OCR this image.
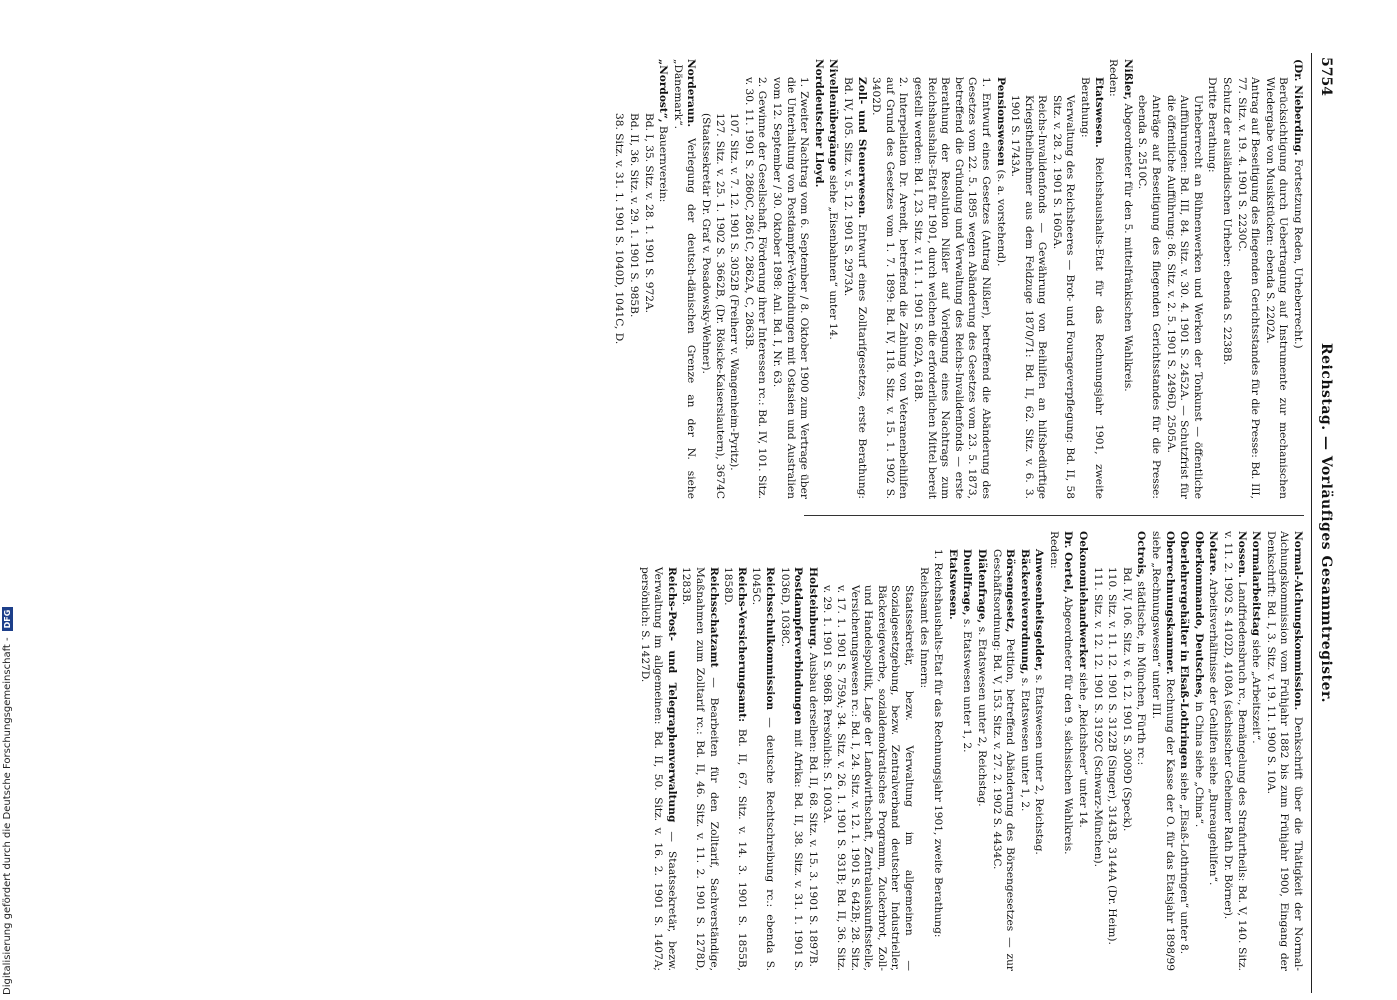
Digitalisierung gefördert durch die Deutsche Forschungsgemeinschaft -DFG
5754
Reichstag. — Vorläufiges Gesammtregister.

(Dr. Nieberding. Fortsetzung Reden, Urheberrecht.)

Berücksichtigung durch Uebertragung auf Instrumente zur mechanischen Wiedergabe von Musikstücken: ebenda S. 2202A.

Antrag auf Beseitigung des fliegenden Gerichtsstandes für die Presse: Bd. III, 77. Sitz. v. 19. 4. 1901 S. 2230C.

Schutz der ausländischen Urheber: ebenda S. 2238B.

Dritte Berathung:

Urheberrecht an Bühnenwerken und Werken der Tonkunst — öffentliche Aufführungen: Bd. III, 84. Sitz. v. 30. 4. 1901 S. 2452A. — Schutzfrist für die öffentliche Aufführung: 86. Sitz. v. 2. 5. 1901 S. 2496D, 2505A.

Anträge auf Beseitigung des fliegenden Gerichtsstandes für die Presse: ebenda S. 2510C.

Nißler, Abgeordneter für den 5. mittelfränkischen Wahlkreis.

Reden:

Etatswesen. Reichshaushalts-Etat für das Rechnungsjahr 1901, zweite Berathung:

Verwaltung des Reichsheeres — Brot- und Fourageverpflegung: Bd. II, 58 Sitz. v. 28. 2. 1901 S. 1605A.

Reichs-Invalidenfonds — Gewährung von Beihilfen an hilfsbedürftige Kriegstheilnehmer aus dem Feldzuge 1870/71: Bd. II, 62. Sitz. v. 6. 3. 1901 S. 1743A.

Pensionswesen (s. a. vorstehend).

1. Entwurf eines Gesetzes (Antrag Nißler), betreffend die Abänderung des Gesetzes vom 22. 5. 1895 wegen Abänderung des Gesetzes vom 23. 5. 1873, betreffend die Gründung und Verwaltung des Reichs-Invalidenfonds — erste Berathung der Resolution Nißler auf Vorlegung eines Nachtrags zum Reichshaushalts-Etat für 1901, durch welchen die erforderlichen Mittel bereit gestellt werden: Bd. I, 23. Sitz. v. 11. 1. 1901 S. 602A, 618B.

2. Interpellation Dr. Arendt, betreffend die Zahlung von Veteranenbeihilfen auf Grund des Gesetzes vom 1. 7. 1899: Bd. IV, 118. Sitz. v. 15. 1. 1902 S. 3402D.

Zoll- und Steuerwesen. Entwurf eines Zolltarifgesetzes, erste Berathung: Bd. IV, 105. Sitz. v. 5. 12. 1901 S. 2973A.

Nivellenübergänge siehe „Eisenbahnen“ unter 14.

Norddeutscher Lloyd.

1. Zweiter Nachtrag vom 6. September / 8. Oktober 1900 zum Vertrage über die Unterhaltung von Postdampfer-Verbindungen mit Ostasien und Australien vom 12. September / 30. Oktober 1898: Anl. Bd. I, Nr. 63.

2. Gewinne der Gesellschaft, Förderung ihrer Interessen rc.: Bd. IV, 101. Sitz. v. 30. 11. 1901 S. 2860C, 2861C, 2862A, C, 2863B.

107. Sitz. v. 7. 12. 1901 S. 3052B (Freiherr v. Wangenheim-Pyritz).

127. Sitz. v. 25. 1. 1902 S. 3662B, (Dr. Rösicke-Kaiserslautern), 3674C (Staatssekretär Dr. Graf v. Posadowsky-Wehner).

Norderaun. Verlegung der deutsch-dänischen Grenze an der N. siehe „Dänemark“.

„Nordost“, Bauernverein:

Bd. I, 35. Sitz. v. 28. 1. 1901 S. 972A.

Bd. II, 36. Sitz. v. 29. 1. 1901 S. 985B.

38. Sitz. v. 31. 1. 1901 S. 1040D, 1041C, D.

Normal-Aichungskommission. Denkschrift über die Thätigkeit der Normal-Aichungskommission vom Frühjahr 1882 bis zum Frühjahr 1900, Eingang der Denkschrift: Bd. I, 3. Sitz. v. 19. 11. 1900 S. 10A.

Normalarbeitstag siehe „Arbeitszeit“.

Nossen. Landfriedensbruch rc., Bemängelung des Strafurtheils: Bd. V, 140. Sitz. v. 11. 2. 1902 S. 4102D, 4108A (sächsischer Geheimer Rath Dr. Börner).

Notare. Arbeitsverhältnisse der Gehilfen siehe „Bureaugehilfen“.

Oberkommando, Deutsches, in China siehe „China“.

Oberlehrergehälter in Elsaß-Lothringen siehe „Elsaß-Lothringen“ unter 8.

Oberrechnungskammer. Rechnung der Kasse der O. für das Etatsjahr 1898/99 siehe „Rechnungswesen“ unter III.

Octrois, städtische, in München, Fürth rc.:

Bd. IV, 106. Sitz. v. 6. 12. 1901 S. 3009D (Speck).

110. Sitz. v. 11. 12. 1901 S. 3122B (Singer), 3143B, 3144A (Dr. Heim).

111. Sitz. v. 12. 12. 1901 S. 3192C (Schwarz-München).

Oekonomiehandwerker siehe „Reichsheer“ unter 14.

Dr. Oertel, Abgeordneter für den 9. sächsischen Wahlkreis.

Reden:

Anwesenheitsgelder, s. Etatswesen unter 2, Reichstag.

Bäckereiverordnung, s. Etatswesen unter 1, 2.

Börsengesetz, Petition, betreffend Abänderung des Börsengesetzes — zur Geschäftsordnung: Bd. V, 153. Sitz. v. 27. 2. 1902 S. 4434C.

Diätenfrage, s. Etatswesen unter 2, Reichstag.

Duellfrage, s. Etatswesen unter 1, 2.

Etatswesen.

1. Reichshaushalts-Etat für das Rechnungsjahr 1901, zweite Berathung:

Reichsamt des Innern:

Staatssekretär, bezw. Verwaltung im allgemeinen — Sozialgesetzgebung, bezw. Zentralverband deutscher Industrieller, Bäckereigewerbe, sozialdemokratisches Programm, Zuckerbrot, Zoll- und Handelspolitik, Lage der Landwirthschaft, Zentralauskunftsstelle, Versicherungswesen rc.: Bd. I, 24. Sitz. v. 12. 1. 1901 S. 642B; 28. Sitz. v. 17. 1. 1901 S. 759A; 34. Sitz. v. 26. 1. 1901 S. 931B; Bd. II, 36. Sitz. v. 29. 1. 1901 S. 986B. Persönlich: S. 1003A.

Holsteinburg. Ausbau derselben: Bd. II, 68. Sitz. v. 15. 3. 1901 S. 1897B.

Postdampferverbindungen mit Afrika: Bd. II, 38. Sitz. v. 31. 1. 1901 S. 1036D, 1038C.

Reichsschulkommission — deutsche Rechtschreibung rc.: ebenda S. 1045C.

Reichs-Versicherungsamt: Bd. II, 67. Sitz. v. 14. 3. 1901 S. 1855B, 1858D.

Reichsschatzamt — Bearbeiten für den Zolltarif, Sachverständige, Maßnahmen zum Zolltarif rc.: Bd. II, 46. Sitz. v. 11. 2. 1901 S. 1278D, 1283B.

Reichs-Post- und Telegraphenverwaltung — Staatssekretär, bezw. Verwaltung im allgemeinen: Bd. II, 50. Sitz. v. 16. 2. 1901 S. 1407A; persönlich: S. 1427D.
